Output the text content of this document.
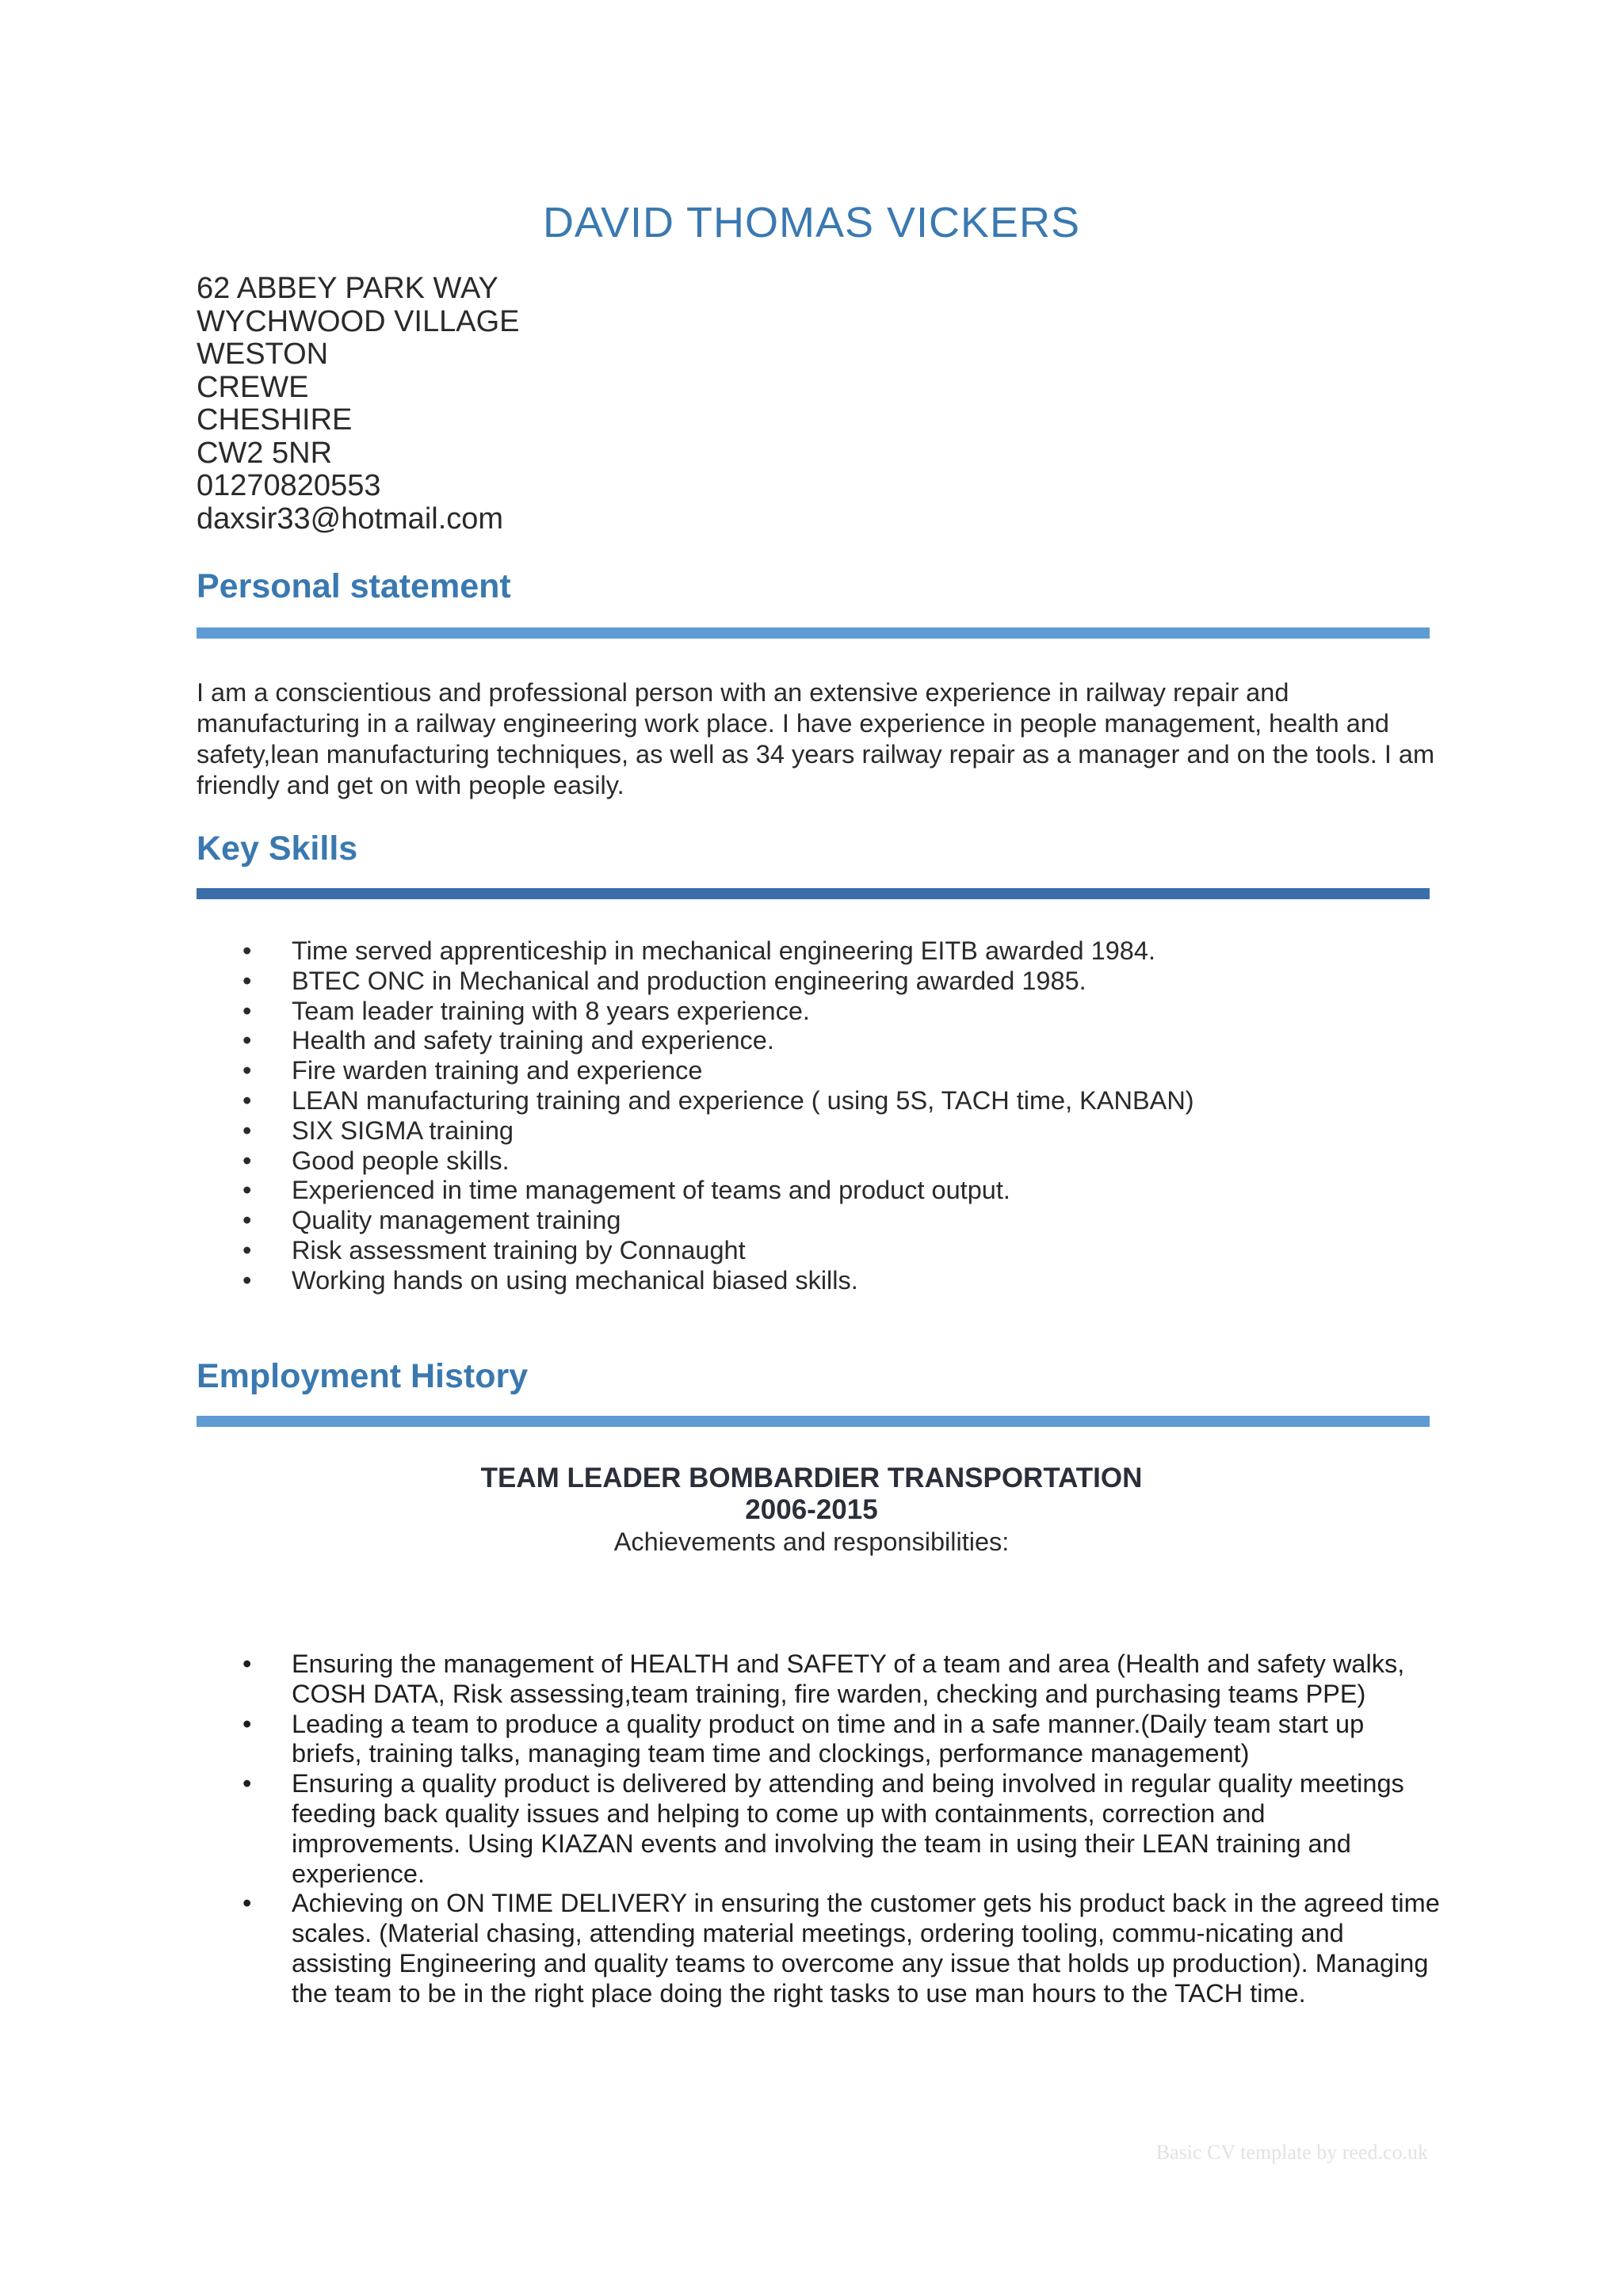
DAVID THOMAS VICKERS
62 ABBEY PARK WAY
WYCHWOOD VILLAGE
WESTON
CREWE
CHESHIRE
CW2 5NR
01270820553
daxsir33@hotmail.com
Personal statement

I am a conscientious and professional person with an extensive experience in railway repair and manufacturing in a railway engineering work place. I have experience in people management, health and safety,lean manufacturing techniques, as well as 34 years railway repair as a manager and on the tools. I am friendly and get on with people easily.

Key Skills
• Time served apprenticeship in mechanical engineering EITB awarded 1984.
• BTEC ONC in Mechanical and production engineering awarded 1985.
• Team leader training with 8 years experience.
• Health and safety training and experience.
• Fire warden training and experience
• LEAN manufacturing training and experience ( using 5S, TACH time, KANBAN)
• SIX SIGMA training
• Good people skills.
• Experienced in time management of teams and product output.
• Quality management training
• Risk assessment training by Connaught
• Working hands on using mechanical biased skills.
Employment History
TEAM LEADER BOMBARDIER TRANSPORTATION
2006-2015
Achievements and responsibilities:
• Ensuring the management of HEALTH and SAFETY of a team and area (Health and safety walks, COSH DATA, Risk assessing,team training, fire warden, checking and purchasing teams PPE)
• Leading a team to produce a quality product on time and in a safe manner.(Daily team start up briefs, training talks, managing team time and clockings, performance management)
• Ensuring a quality product is delivered by attending and being involved in regular quality meetings feeding back quality issues and helping to come up with containments, correction and improvements. Using KIAZAN events and involving the team in using their LEAN training and experience.
• Achieving on ON TIME DELIVERY in ensuring the customer gets his product back in the agreed time scales. (Material chasing, attending material meetings, ordering tooling, commu-nicating and assisting Engineering and quality teams to overcome any issue that holds up production). Managing the team to be in the right place doing the right tasks to use man hours to the TACH time.
Basic CV template by reed.co.uk
